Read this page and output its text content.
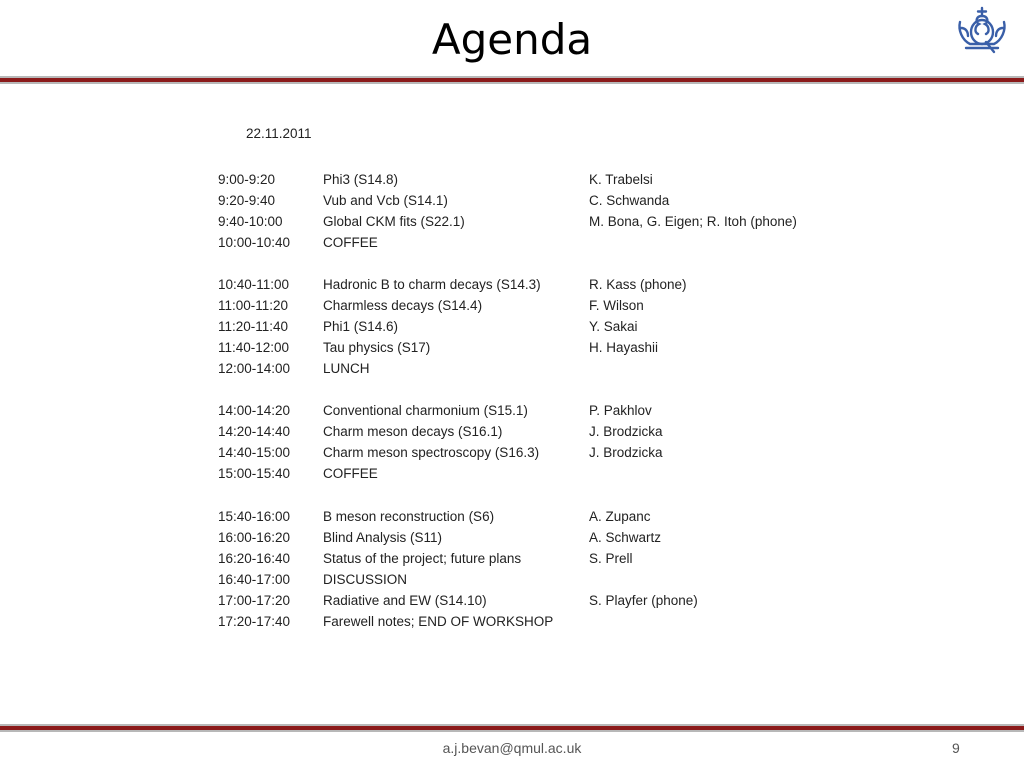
Agenda
22.11.2011
9:00-9:20	Phi3 (S14.8)	K. Trabelsi
9:20-9:40	Vub and Vcb (S14.1)	C. Schwanda
9:40-10:00	Global CKM fits (S22.1)	M. Bona, G. Eigen; R. Itoh (phone)
10:00-10:40 COFFEE
10:40-11:00	Hadronic B to charm decays (S14.3)	R. Kass (phone)
11:00-11:20	Charmless decays (S14.4)	F. Wilson
11:20-11:40	Phi1 (S14.6)	Y. Sakai
11:40-12:00	Tau physics (S17)	H. Hayashii
12:00-14:00 LUNCH
14:00-14:20 Conventional charmonium (S15.1)	P. Pakhlov
14:20-14:40 Charm meson decays (S16.1)	J. Brodzicka
14:40-15:00 Charm meson spectroscopy (S16.3)	J. Brodzicka
15:00-15:40 COFFEE
15:40-16:00 B meson reconstruction (S6)	A. Zupanc
16:00-16:20 Blind Analysis (S11)	A. Schwartz
16:20-16:40 Status of the project; future plans	S. Prell
16:40-17:00 DISCUSSION
17:00-17:20 Radiative and EW (S14.10)	S. Playfer (phone)
17:20-17:40 Farewell notes; END OF WORKSHOP
a.j.bevan@qmul.ac.uk	9
